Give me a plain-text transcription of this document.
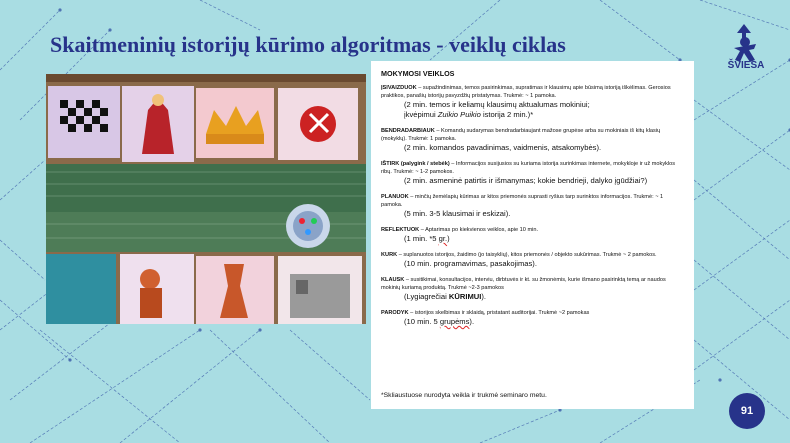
Skaitmeninių istorijų kūrimo algoritmas - veiklų ciklas
ŠVIESA
MOKYMOSI VEIKLOS
ĮSIVAIZDUOK – supažindinimas, temos pasirinkimas, supratimas ir klausimų apie būsimą istoriją iškėlimas. Gerosios praktikos, panašių istorijų pavyzdžių pristatymas. Trukmė: ~ 1 pamoka.
(2 min. temos ir keliamų klausimų aktualumas mokiniui;
įkvėpimui Zuikio Puikio istorija 2 min.)*
BENDRADARBIAUK – Komandų sudarymas bendradarbiaujant mažose grupėse arba su mokiniais iš kitų klasių (mokyklų). Trukmė: 1 pamoka.
(2 min. komandos pavadinimas, vaidmenis, atsakomybės).
IŠTIRK (palygink / stebėk) – Informacijos susijusios su kuriama istorija surinkimas internete, mokykloje ir už mokyklos ribų. Trukmė: ~ 1-2 pamokos.
(2 min. asmeninė patirtis ir išmanymas; kokie bendrieji, dalyko įgūdžiai?)
PLANUOK – minčių žemėlapių kūrimas ar kitos priemonės suprasti ryšius tarp surinktos informacijos. Trukmė: ~ 1 pamoka.
(5 min. 3-5 klausimai ir eskizai).
REFLEKTUOK – Aptarimas po kiekvienos veiklos, apie 10 min.
(1 min. *5 gr.)
KURK – suplanuotos istorijos, žaidimo (jo taisyklių), kitos priemonės / objekto sukūrimas. Trukmė ~ 2 pamokos.
(10 min. programavimas, pasakojimas).
KLAUSK – susitikimai, konsultacijos, interviu, dirbtuvės ir kt. su žmonėmis, kurie išmano pasirinktą temą ar naudos mokinių kuriamą produktą. Trukmė ~2-3 pamokos
(Lygiagrečiai KŪRIMUI).
PARODYK – istorijos skelbimas ir sklaidą, pristatant auditorijai. Trukmė ~2 pamokas
(10 min. 5 grupėms).
*Skliaustuose nurodyta veikla ir trukmė seminaro metu.
91
